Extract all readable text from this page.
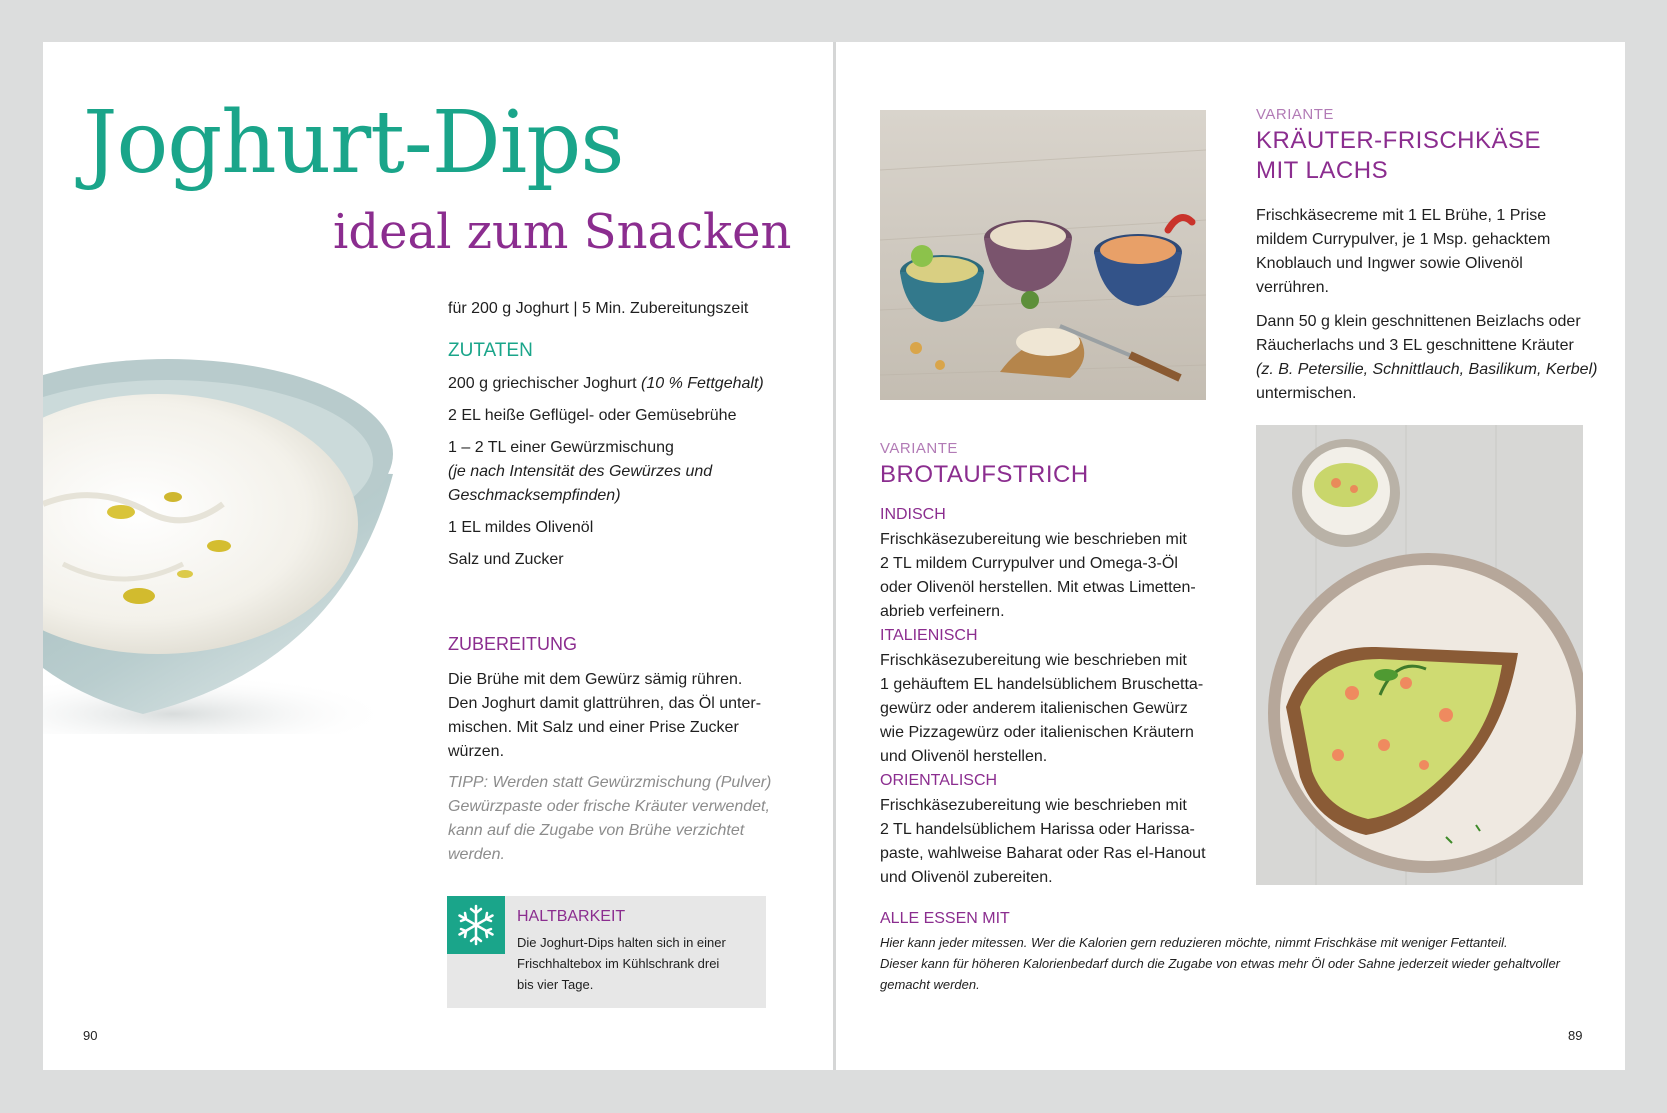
Joghurt-Dips
ideal zum Snacken
für 200 g Joghurt | 5 Min. Zubereitungszeit
ZUTATEN
200 g griechischer Joghurt (10 % Fettgehalt)
2 EL heiße Geflügel- oder Gemüsebrühe
1 – 2 TL einer Gewürzmischung
(je nach Intensität des Gewürzes und
Geschmacksempfinden)
1 EL mildes Olivenöl
Salz und Zucker
ZUBEREITUNG
Die Brühe mit dem Gewürz sämig rühren.
Den Joghurt damit glattrühren, das Öl unter-
mischen. Mit Salz und einer Prise Zucker
würzen.
TIPP: Werden statt Gewürzmischung (Pulver)
Gewürzpaste oder frische Kräuter verwendet,
kann auf die Zugabe von Brühe verzichtet
werden.
HALTBARKEIT
Die Joghurt-Dips halten sich in einer
Frischhaltebox im Kühlschrank drei
bis vier Tage.
90
VARIANTE
BROTAUFSTRICH
INDISCH
Frischkäsezubereitung wie beschrieben mit
2 TL mildem Currypulver und Omega-3-Öl
oder Olivenöl herstellen. Mit etwas Limetten-
abrieb verfeinern.
ITALIENISCH
Frischkäsezubereitung wie beschrieben mit
1 gehäuftem EL handelsüblichem Bruschetta-
gewürz oder anderem italienischen Gewürz
wie Pizzagewürz oder italienischen Kräutern
und Olivenöl herstellen.
ORIENTALISCH
Frischkäsezubereitung wie beschrieben mit
2 TL handelsüblichem Harissa oder Harissa-
paste, wahlweise Baharat oder Ras el-Hanout
und Olivenöl zubereiten.
VARIANTE
KRÄUTER-FRISCHKÄSE
MIT LACHS
Frischkäsecreme mit 1 EL Brühe, 1 Prise
mildem Currypulver, je 1 Msp. gehacktem
Knoblauch und Ingwer sowie Olivenöl
verrühren.
Dann 50 g klein geschnittenen Beizlachs oder
Räucherlachs und 3 EL geschnittene Kräuter
(z. B. Petersilie, Schnittlauch, Basilikum, Kerbel)
untermischen.
ALLE ESSEN MIT
Hier kann jeder mitessen. Wer die Kalorien gern reduzieren möchte, nimmt Frischkäse mit weniger Fettanteil.
Dieser kann für höheren Kalorienbedarf durch die Zugabe von etwas mehr Öl oder Sahne jederzeit wieder gehaltvoller
gemacht werden.
89
